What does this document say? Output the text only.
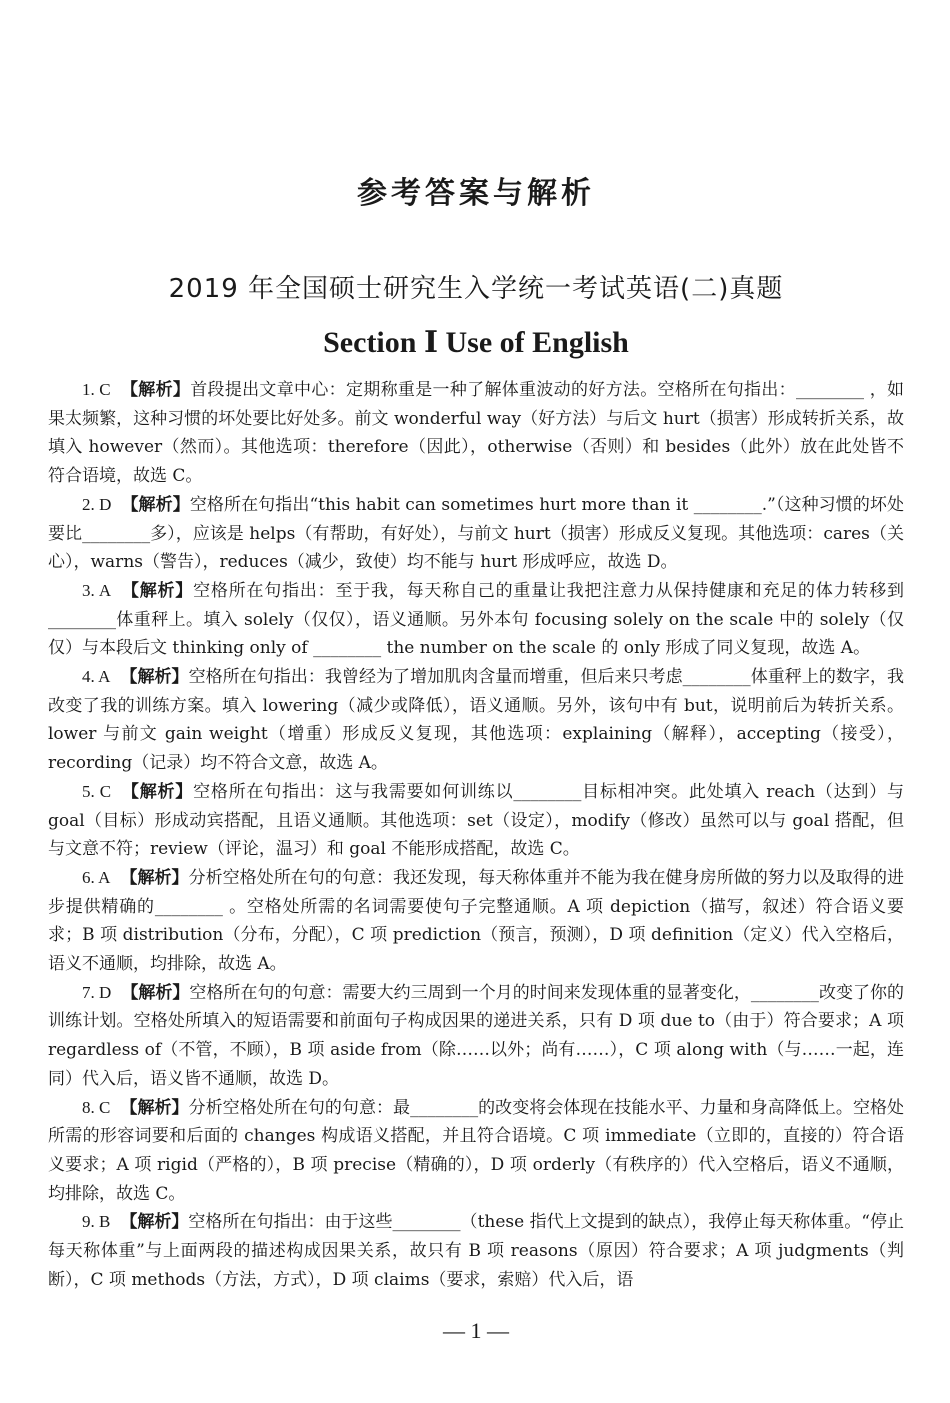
参考答案与解析
2019 年全国硕士研究生入学统一考试英语(二)真题
Section Ⅰ Use of English

1. C 【解析】首段提出文章中心：定期称重是一种了解体重波动的好方法。空格所在句指出：________ ，如果太频繁，这种习惯的坏处要比好处多。前文 wonderful way（好方法）与后文 hurt（损害）形成转折关系，故填入 however（然而）。其他选项：therefore（因此），otherwise（否则）和 besides（此外）放在此处皆不符合语境，故选 C。

2. D 【解析】空格所在句指出“this habit can sometimes hurt more than it ________.”（这种习惯的坏处要比________多），应该是 helps（有帮助，有好处），与前文 hurt（损害）形成反义复现。其他选项：cares（关心），warns（警告），reduces（减少，致使）均不能与 hurt 形成呼应，故选 D。

3. A 【解析】空格所在句指出：至于我，每天称自己的重量让我把注意力从保持健康和充足的体力转移到________体重秤上。填入 solely（仅仅），语义通顺。另外本句 focusing solely on the scale 中的 solely（仅仅）与本段后文 thinking only of ________ the number on the scale 的 only 形成了同义复现，故选 A。

4. A 【解析】空格所在句指出：我曾经为了增加肌肉含量而增重，但后来只考虑________体重秤上的数字，我改变了我的训练方案。填入 lowering（减少或降低），语义通顺。另外，该句中有 but，说明前后为转折关系。lower 与前文 gain weight（增重）形成反义复现，其他选项：explaining（解释），accepting（接受），recording（记录）均不符合文意，故选 A。

5. C 【解析】空格所在句指出：这与我需要如何训练以________目标相冲突。此处填入 reach（达到）与 goal（目标）形成动宾搭配，且语义通顺。其他选项：set（设定），modify（修改）虽然可以与 goal 搭配，但与文意不符；review（评论，温习）和 goal 不能形成搭配，故选 C。

6. A 【解析】分析空格处所在句的句意：我还发现，每天称体重并不能为我在健身房所做的努力以及取得的进步提供精确的________ 。空格处所需的名词需要使句子完整通顺。A 项 depiction（描写，叙述）符合语义要求；B 项 distribution（分布，分配），C 项 prediction（预言，预测），D 项 definition（定义）代入空格后，语义不通顺，均排除，故选 A。

7. D 【解析】空格所在句的句意：需要大约三周到一个月的时间来发现体重的显著变化，________改变了你的训练计划。空格处所填入的短语需要和前面句子构成因果的递进关系，只有 D 项 due to（由于）符合要求；A 项 regardless of（不管，不顾），B 项 aside from（除……以外；尚有……），C 项 along with（与……一起，连同）代入后，语义皆不通顺，故选 D。

8. C 【解析】分析空格处所在句的句意：最________的改变将会体现在技能水平、力量和身高降低上。空格处所需的形容词要和后面的 changes 构成语义搭配，并且符合语境。C 项 immediate（立即的，直接的）符合语义要求；A 项 rigid（严格的），B 项 precise（精确的），D 项 orderly（有秩序的）代入空格后，语义不通顺，均排除，故选 C。

9. B 【解析】空格所在句指出：由于这些________（these 指代上文提到的缺点），我停止每天称体重。“停止每天称体重”与上面两段的描述构成因果关系，故只有 B 项 reasons（原因）符合要求；A 项 judgments（判断），C 项 methods（方法，方式），D 项 claims（要求，索赔）代入后，语

— 1 —
